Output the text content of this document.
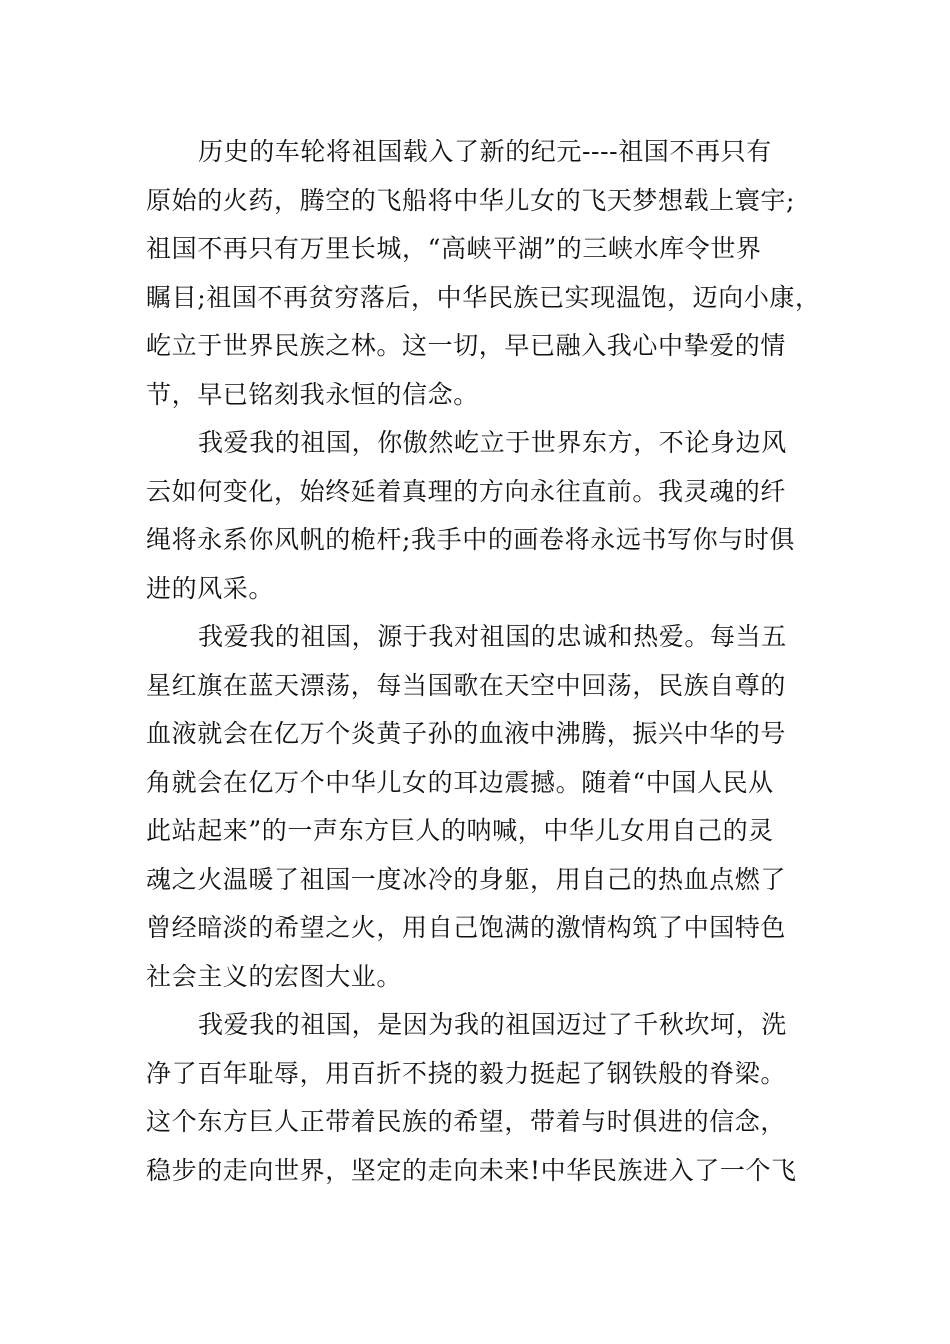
历史的车轮将祖国载入了新的纪元----祖国不再只有
原始的火药，腾空的飞船将中华儿女的飞天梦想载上寰宇;
祖国不再只有万里长城，“高峡平湖”的三峡水库令世界
瞩目;祖国不再贫穷落后，中华民族已实现温饱，迈向小康，
屹立于世界民族之林。这一切，早已融入我心中挚爱的情
节，早已铭刻我永恒的信念。
我爱我的祖国，你傲然屹立于世界东方，不论身边风
云如何变化，始终延着真理的方向永往直前。我灵魂的纤
绳将永系你风帆的桅杆;我手中的画卷将永远书写你与时俱
进的风采。
我爱我的祖国，源于我对祖国的忠诚和热爱。每当五
星红旗在蓝天漂荡，每当国歌在天空中回荡，民族自尊的
血液就会在亿万个炎黄子孙的血液中沸腾，振兴中华的号
角就会在亿万个中华儿女的耳边震撼。随着“中国人民从
此站起来”的一声东方巨人的呐喊，中华儿女用自己的灵
魂之火温暖了祖国一度冰冷的身躯，用自己的热血点燃了
曾经暗淡的希望之火，用自己饱满的激情构筑了中国特色
社会主义的宏图大业。
我爱我的祖国，是因为我的祖国迈过了千秋坎坷，洗
净了百年耻辱，用百折不挠的毅力挺起了钢铁般的脊梁。
这个东方巨人正带着民族的希望，带着与时俱进的信念，
稳步的走向世界，坚定的走向未来!中华民族进入了一个飞
